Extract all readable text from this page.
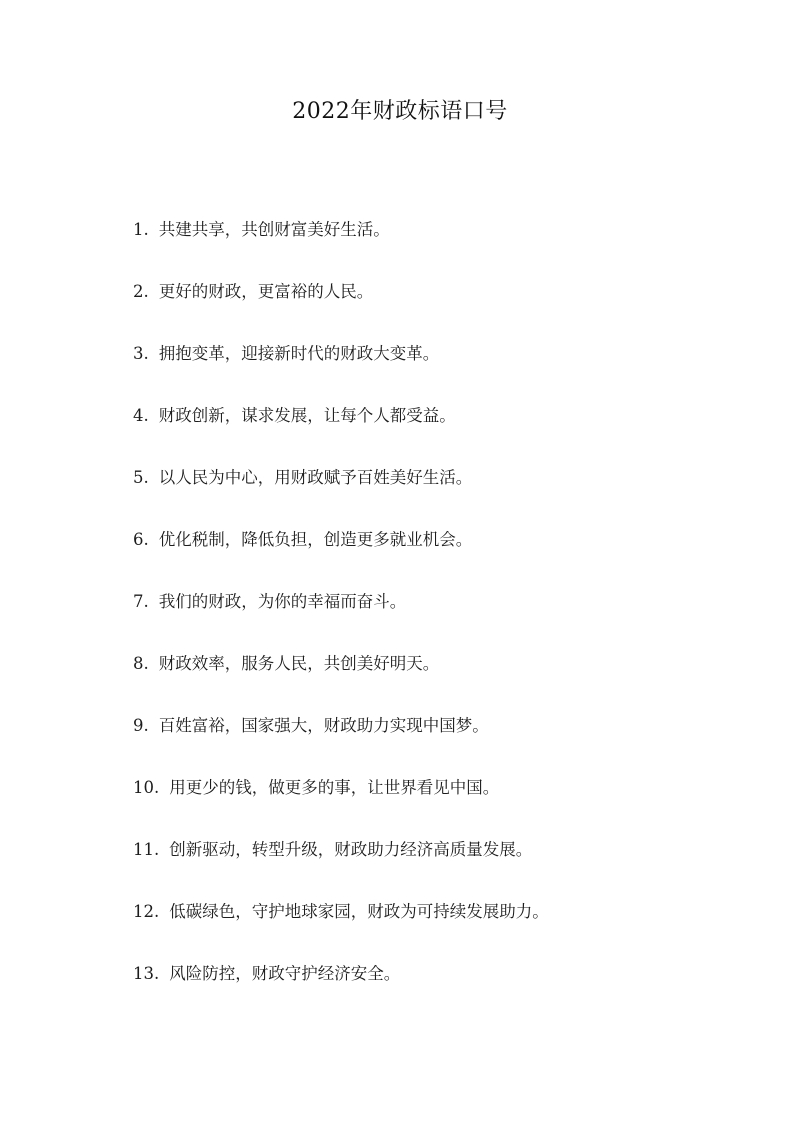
2022年财政标语口号
1. 共建共享，共创财富美好生活。
2. 更好的财政，更富裕的人民。
3. 拥抱变革，迎接新时代的财政大变革。
4. 财政创新，谋求发展，让每个人都受益。
5. 以人民为中心，用财政赋予百姓美好生活。
6. 优化税制，降低负担，创造更多就业机会。
7. 我们的财政，为你的幸福而奋斗。
8. 财政效率，服务人民，共创美好明天。
9. 百姓富裕，国家强大，财政助力实现中国梦。
10. 用更少的钱，做更多的事，让世界看见中国。
11. 创新驱动，转型升级，财政助力经济高质量发展。
12. 低碳绿色，守护地球家园，财政为可持续发展助力。
13. 风险防控，财政守护经济安全。
